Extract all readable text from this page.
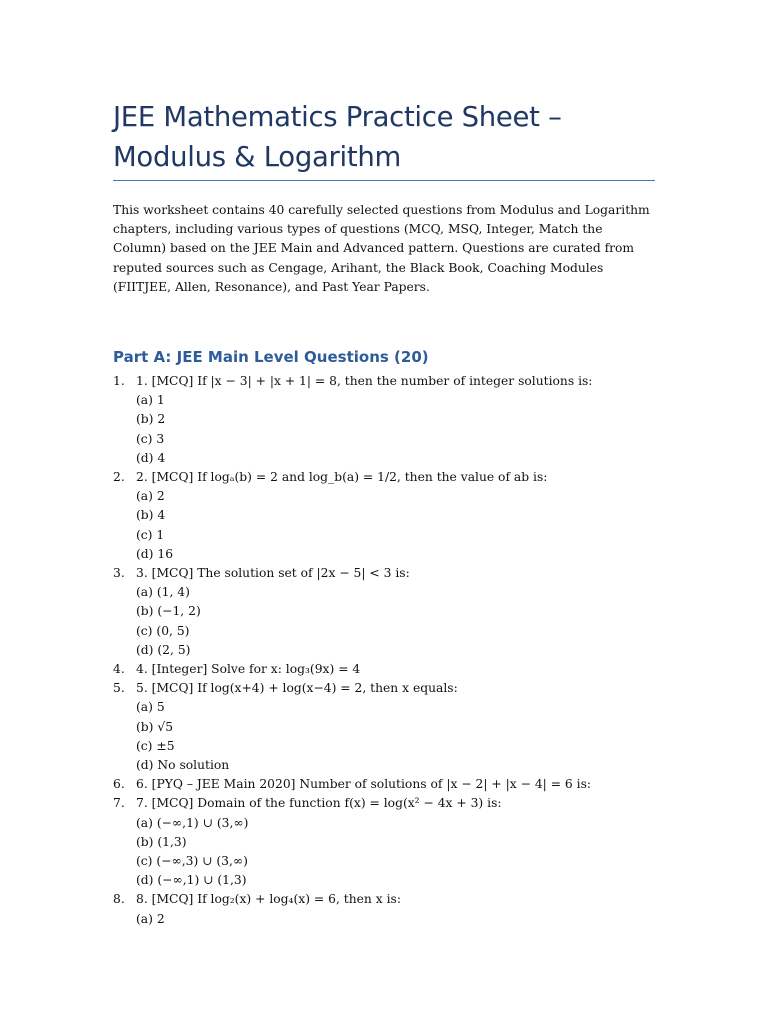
JEE Mathematics Practice Sheet – Modulus & Logarithm

This worksheet contains 40 carefully selected questions from Modulus and Logarithm chapters, including various types of questions (MCQ, MSQ, Integer, Match the Column) based on the JEE Main and Advanced pattern. Questions are curated from reputed sources such as Cengage, Arihant, the Black Book, Coaching Modules (FIITJEE, Allen, Resonance), and Past Year Papers.

Part A: JEE Main Level Questions (20)
1. 1. [MCQ] If |x − 3| + |x + 1| = 8, then the number of integer solutions is:
(a) 1
(b) 2
(c) 3
(d) 4
2. 2. [MCQ] If logₐ(b) = 2 and log_b(a) = 1/2, then the value of ab is:
(a) 2
(b) 4
(c) 1
(d) 16
3. 3. [MCQ] The solution set of |2x − 5| < 3 is:
(a) (1, 4)
(b) (−1, 2)
(c) (0, 5)
(d) (2, 5)
4. 4. [Integer] Solve for x: log₃(9x) = 4
5. 5. [MCQ] If log(x+4) + log(x−4) = 2, then x equals:
(a) 5
(b) √5
(c) ±5
(d) No solution
6. 6. [PYQ – JEE Main 2020] Number of solutions of |x − 2| + |x − 4| = 6 is:
7. 7. [MCQ] Domain of the function f(x) = log(x² − 4x + 3) is:
(a) (−∞,1) ∪ (3,∞)
(b) (1,3)
(c) (−∞,3) ∪ (3,∞)
(d) (−∞,1) ∪ (1,3)
8. 8. [MCQ] If log₂(x) + log₄(x) = 6, then x is:
(a) 2
